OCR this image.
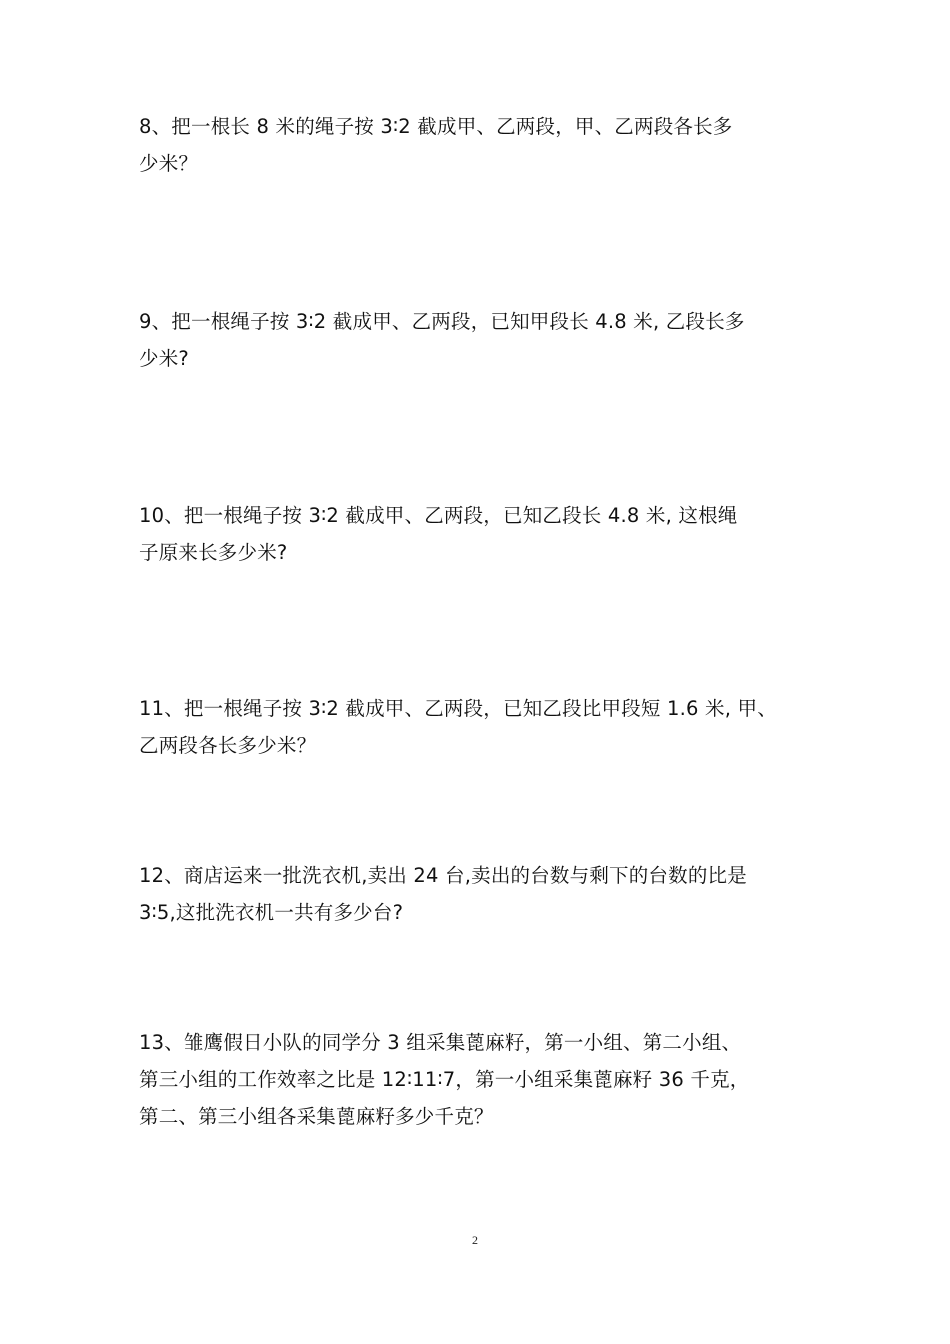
8、把一根长 8 米的绳子按 3∶2 截成甲、乙两段，甲、乙两段各长多

少米？

9、把一根绳子按 3∶2 截成甲、乙两段，已知甲段长 4.8 米, 乙段长多

少米?

10、把一根绳子按 3∶2 截成甲、乙两段，已知乙段长 4.8 米, 这根绳

子原来长多少米?

11、把一根绳子按 3∶2 截成甲、乙两段，已知乙段比甲段短 1.6 米, 甲、

乙两段各长多少米？

12、商店运来一批洗衣机,卖出 24 台,卖出的台数与剩下的台数的比是

3∶5,这批洗衣机一共有多少台?

13、雏鹰假日小队的同学分 3 组采集蓖麻籽，第一小组、第二小组、

第三小组的工作效率之比是 12∶11∶7，第一小组采集蓖麻籽 36 千克，

第二、第三小组各采集蓖麻籽多少千克？

2
